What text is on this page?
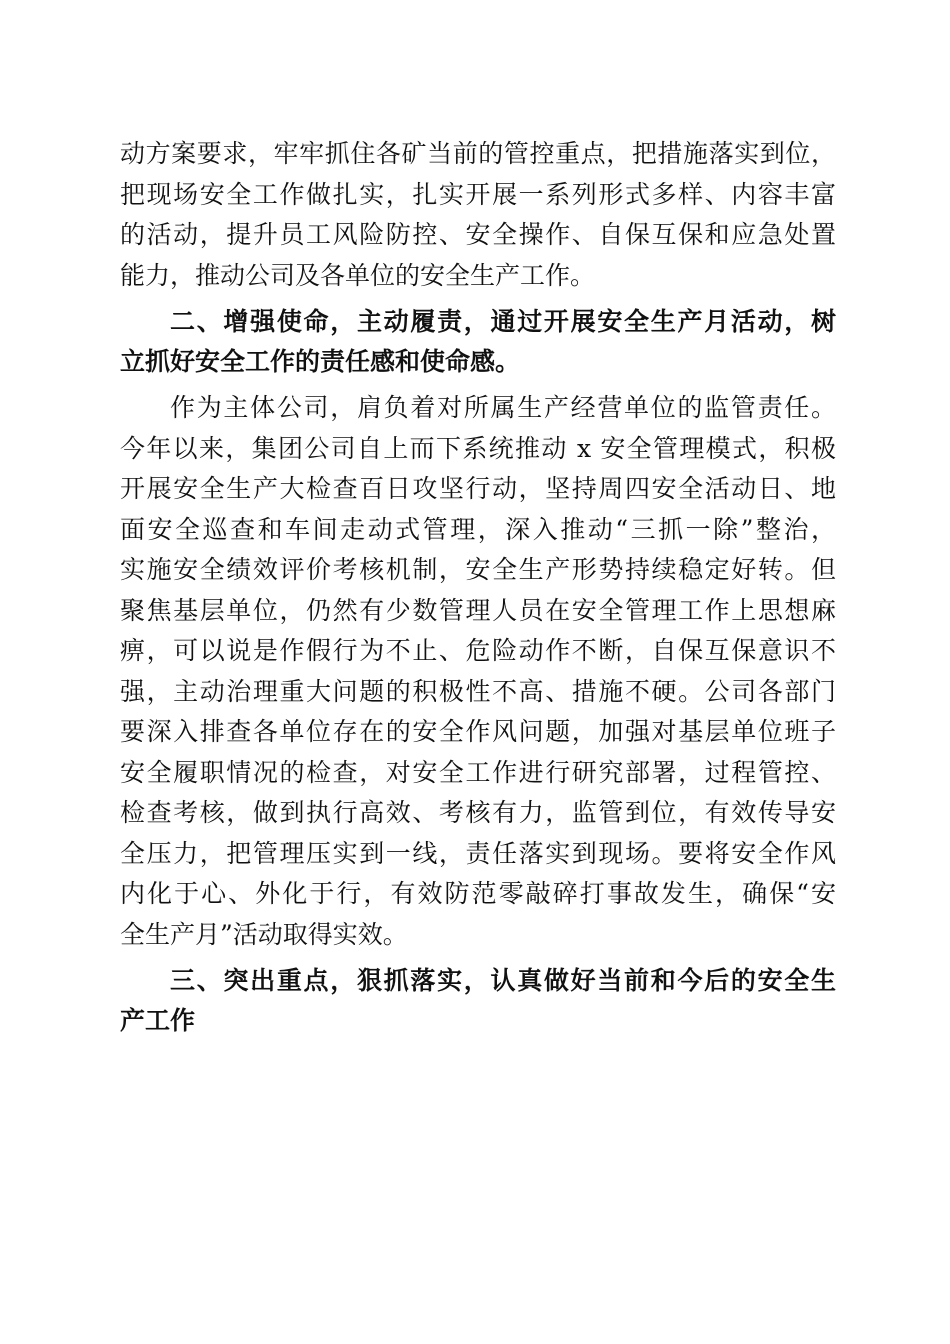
动方案要求，牢牢抓住各矿当前的管控重点，把措施落实到位，
把现场安全工作做扎实，扎实开展一系列形式多样、内容丰富
的活动，提升员工风险防控、安全操作、自保互保和应急处置
能力，推动公司及各单位的安全生产工作。
二、增强使命，主动履责，通过开展安全生产月活动，树
立抓好安全工作的责任感和使命感。
作为主体公司，肩负着对所属生产经营单位的监管责任。
今年以来，集团公司自上而下系统推动 x 安全管理模式，积极
开展安全生产大检查百日攻坚行动，坚持周四安全活动日、地
面安全巡查和车间走动式管理，深入推动“三抓一除”整治，
实施安全绩效评价考核机制，安全生产形势持续稳定好转。但
聚焦基层单位，仍然有少数管理人员在安全管理工作上思想麻
痹，可以说是作假行为不止、危险动作不断，自保互保意识不
强，主动治理重大问题的积极性不高、措施不硬。公司各部门
要深入排查各单位存在的安全作风问题，加强对基层单位班子
安全履职情况的检查，对安全工作进行研究部署，过程管控、
检查考核，做到执行高效、考核有力，监管到位，有效传导安
全压力，把管理压实到一线，责任落实到现场。要将安全作风
内化于心、外化于行，有效防范零敲碎打事故发生，确保“安
全生产月”活动取得实效。
三、突出重点，狠抓落实，认真做好当前和今后的安全生
产工作
